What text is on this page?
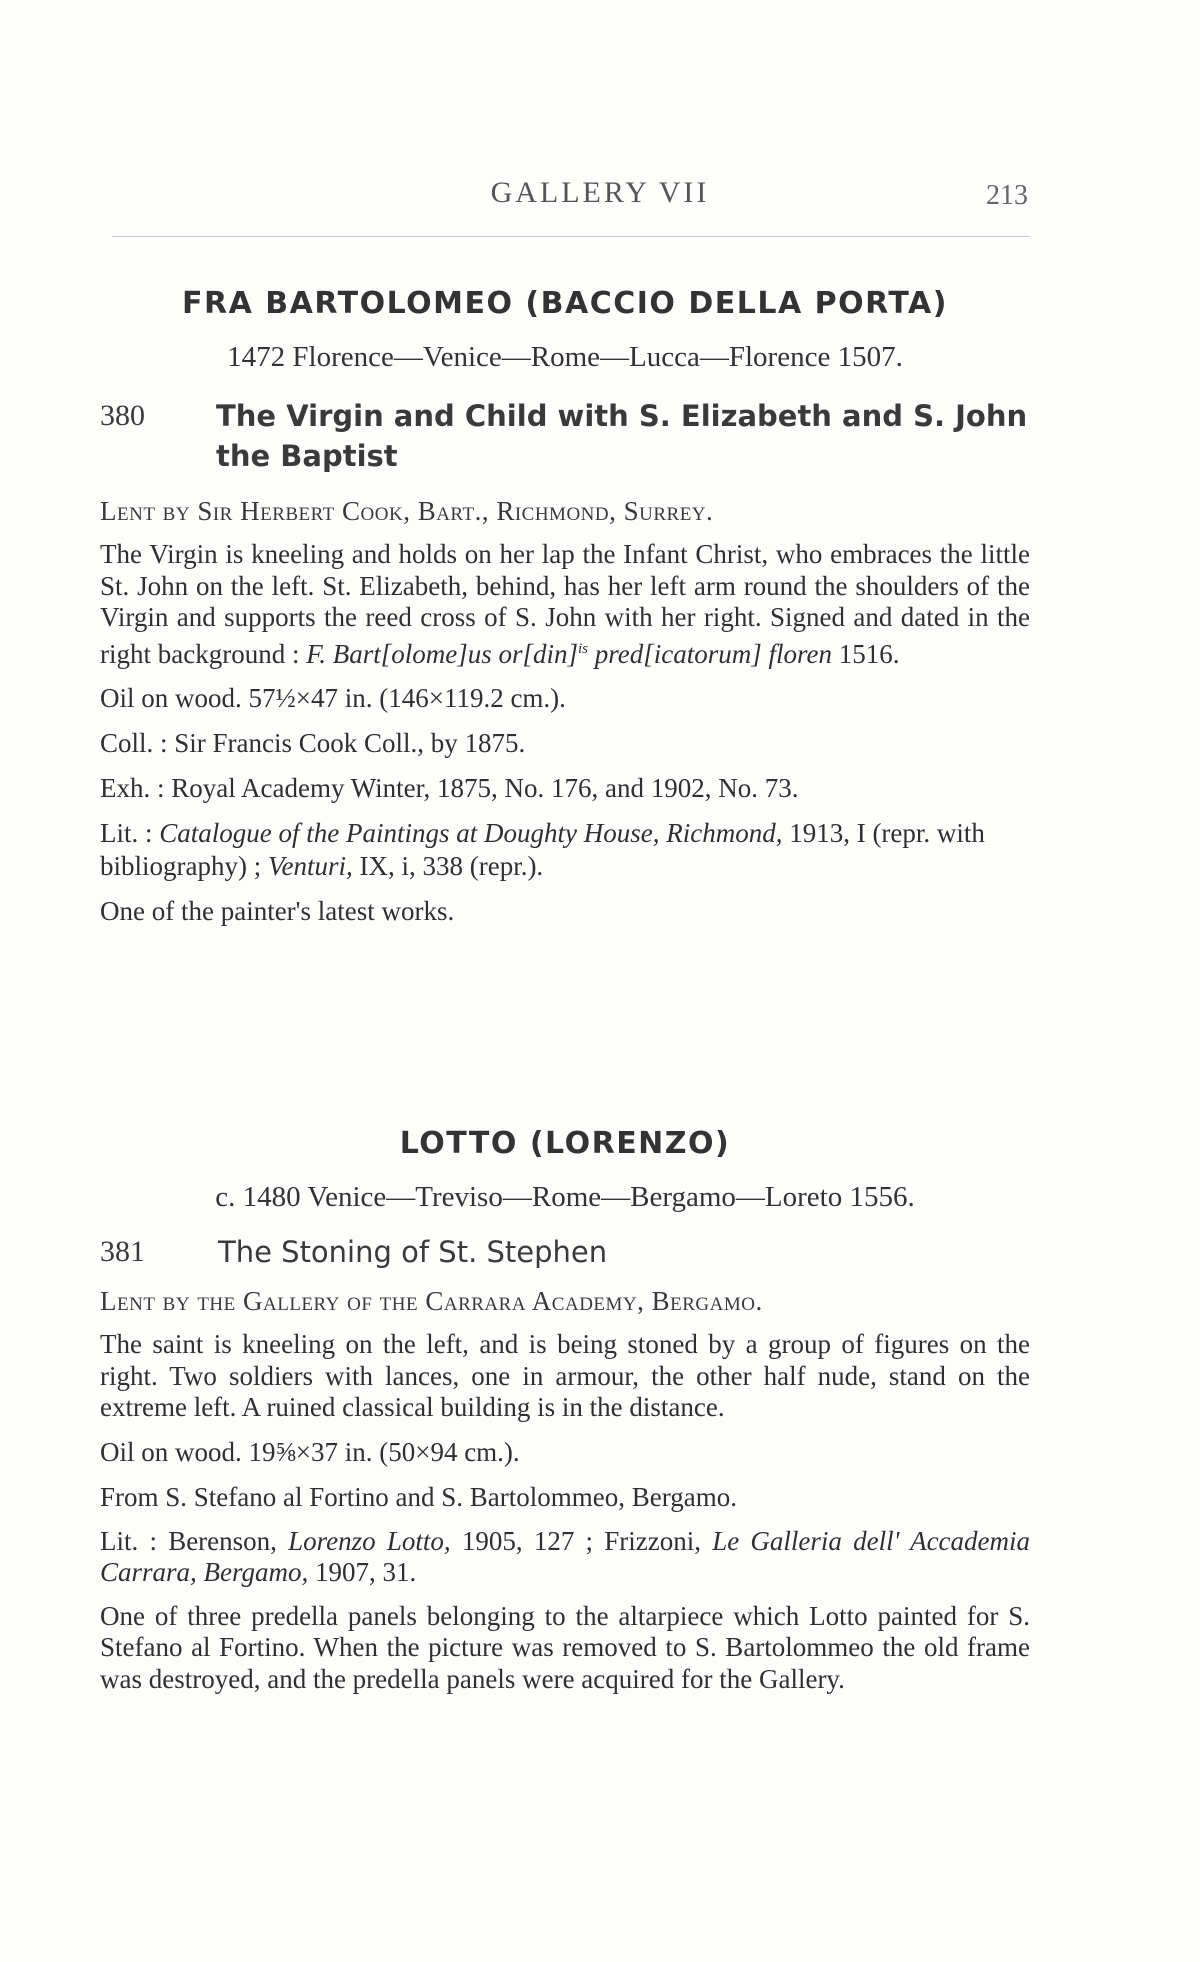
GALLERY VII	213
FRA BARTOLOMEO (BACCIO DELLA PORTA)

1472 Florence—Venice—Rome—Lucca—Florence 1507.

380	The Virgin and Child with S. Elizabeth and S. John the Baptist

Lent by Sir Herbert Cook, Bart., Richmond, Surrey.

The Virgin is kneeling and holds on her lap the Infant Christ, who embraces the little St. John on the left. St. Elizabeth, behind, has her left arm round the shoulders of the Virgin and supports the reed cross of S. John with her right. Signed and dated in the right background : F. Bart[olome]us or[din]$^{is}$ pred[icatorum] floren 1516.

Oil on wood. 57½×47 in. (146×119.2 cm.).

Coll. : Sir Francis Cook Coll., by 1875.

Exh. : Royal Academy Winter, 1875, No. 176, and 1902, No. 73.

Lit. : Catalogue of the Paintings at Doughty House, Richmond, 1913, I (repr. with bibliography) ; Venturi, IX, i, 338 (repr.).

One of the painter's latest works.

LOTTO (LORENZO)

c. 1480 Venice—Treviso—Rome—Bergamo—Loreto 1556.

381	The Stoning of St. Stephen

Lent by the Gallery of the Carrara Academy, Bergamo.

The saint is kneeling on the left, and is being stoned by a group of figures on the right. Two soldiers with lances, one in armour, the other half nude, stand on the extreme left. A ruined classical building is in the distance.

Oil on wood. 19⅝×37 in. (50×94 cm.).

From S. Stefano al Fortino and S. Bartolommeo, Bergamo.

Lit. : Berenson, Lorenzo Lotto, 1905, 127 ; Frizzoni, Le Galleria dell' Accademia Carrara, Bergamo, 1907, 31.

One of three predella panels belonging to the altarpiece which Lotto painted for S. Stefano al Fortino. When the picture was removed to S. Bartolommeo the old frame was destroyed, and the predella panels were acquired for the Gallery.
